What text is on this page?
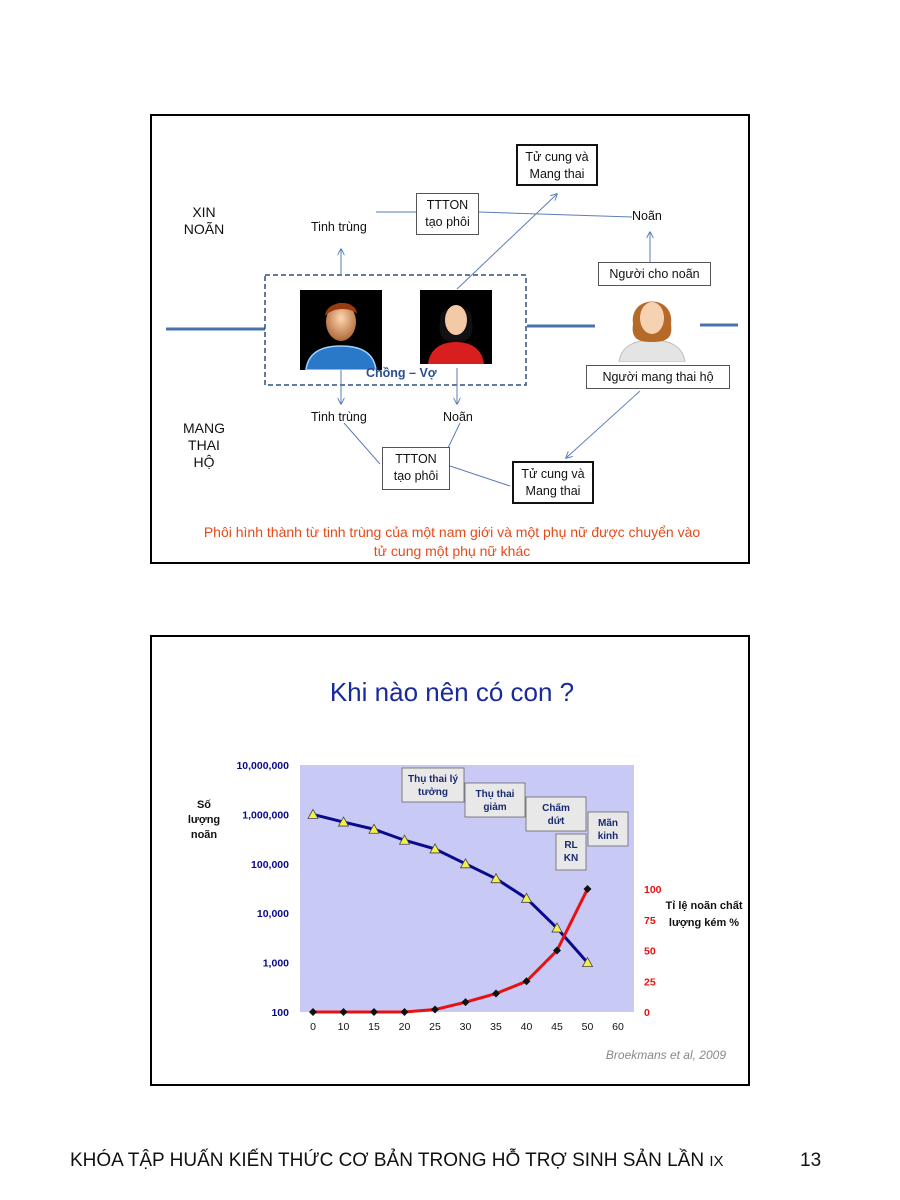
XIN
NOÃN
MANG
THAI
HỘ
Tử cung và
Mang thai
TTTON
tạo phôi
Tinh trùng
Noãn
Người cho noãn
Chồng – Vợ	Người mang thai hộ
Tinh trùng	Noãn
TTTON
tạo phôi	Tử cung và
Mang thai
Phôi hình thành từ tinh trùng của một nam giới và một phụ nữ được chuyển vào
tử cung một phụ nữ khác
Khi nào nên có con ?
10,000,000
1,000,000
100,000
10,000
1,000
100
Số
lượng
noãn
100
75
50
25
0
Tỉ lệ noãn chất
lượng kém %
0 10 15 20 25 30 35 40 45 50 60
Thụ thai lý
tưởng	Thụ thai
giảm	Chấm
dứt	Mãn
kinh
RL
KN
Broekmans et al, 2009
KHÓA TẬP HUẤN KIẾN THỨC CƠ BẢN TRONG HỖ TRỢ SINH SẢN LẦN IX	13
